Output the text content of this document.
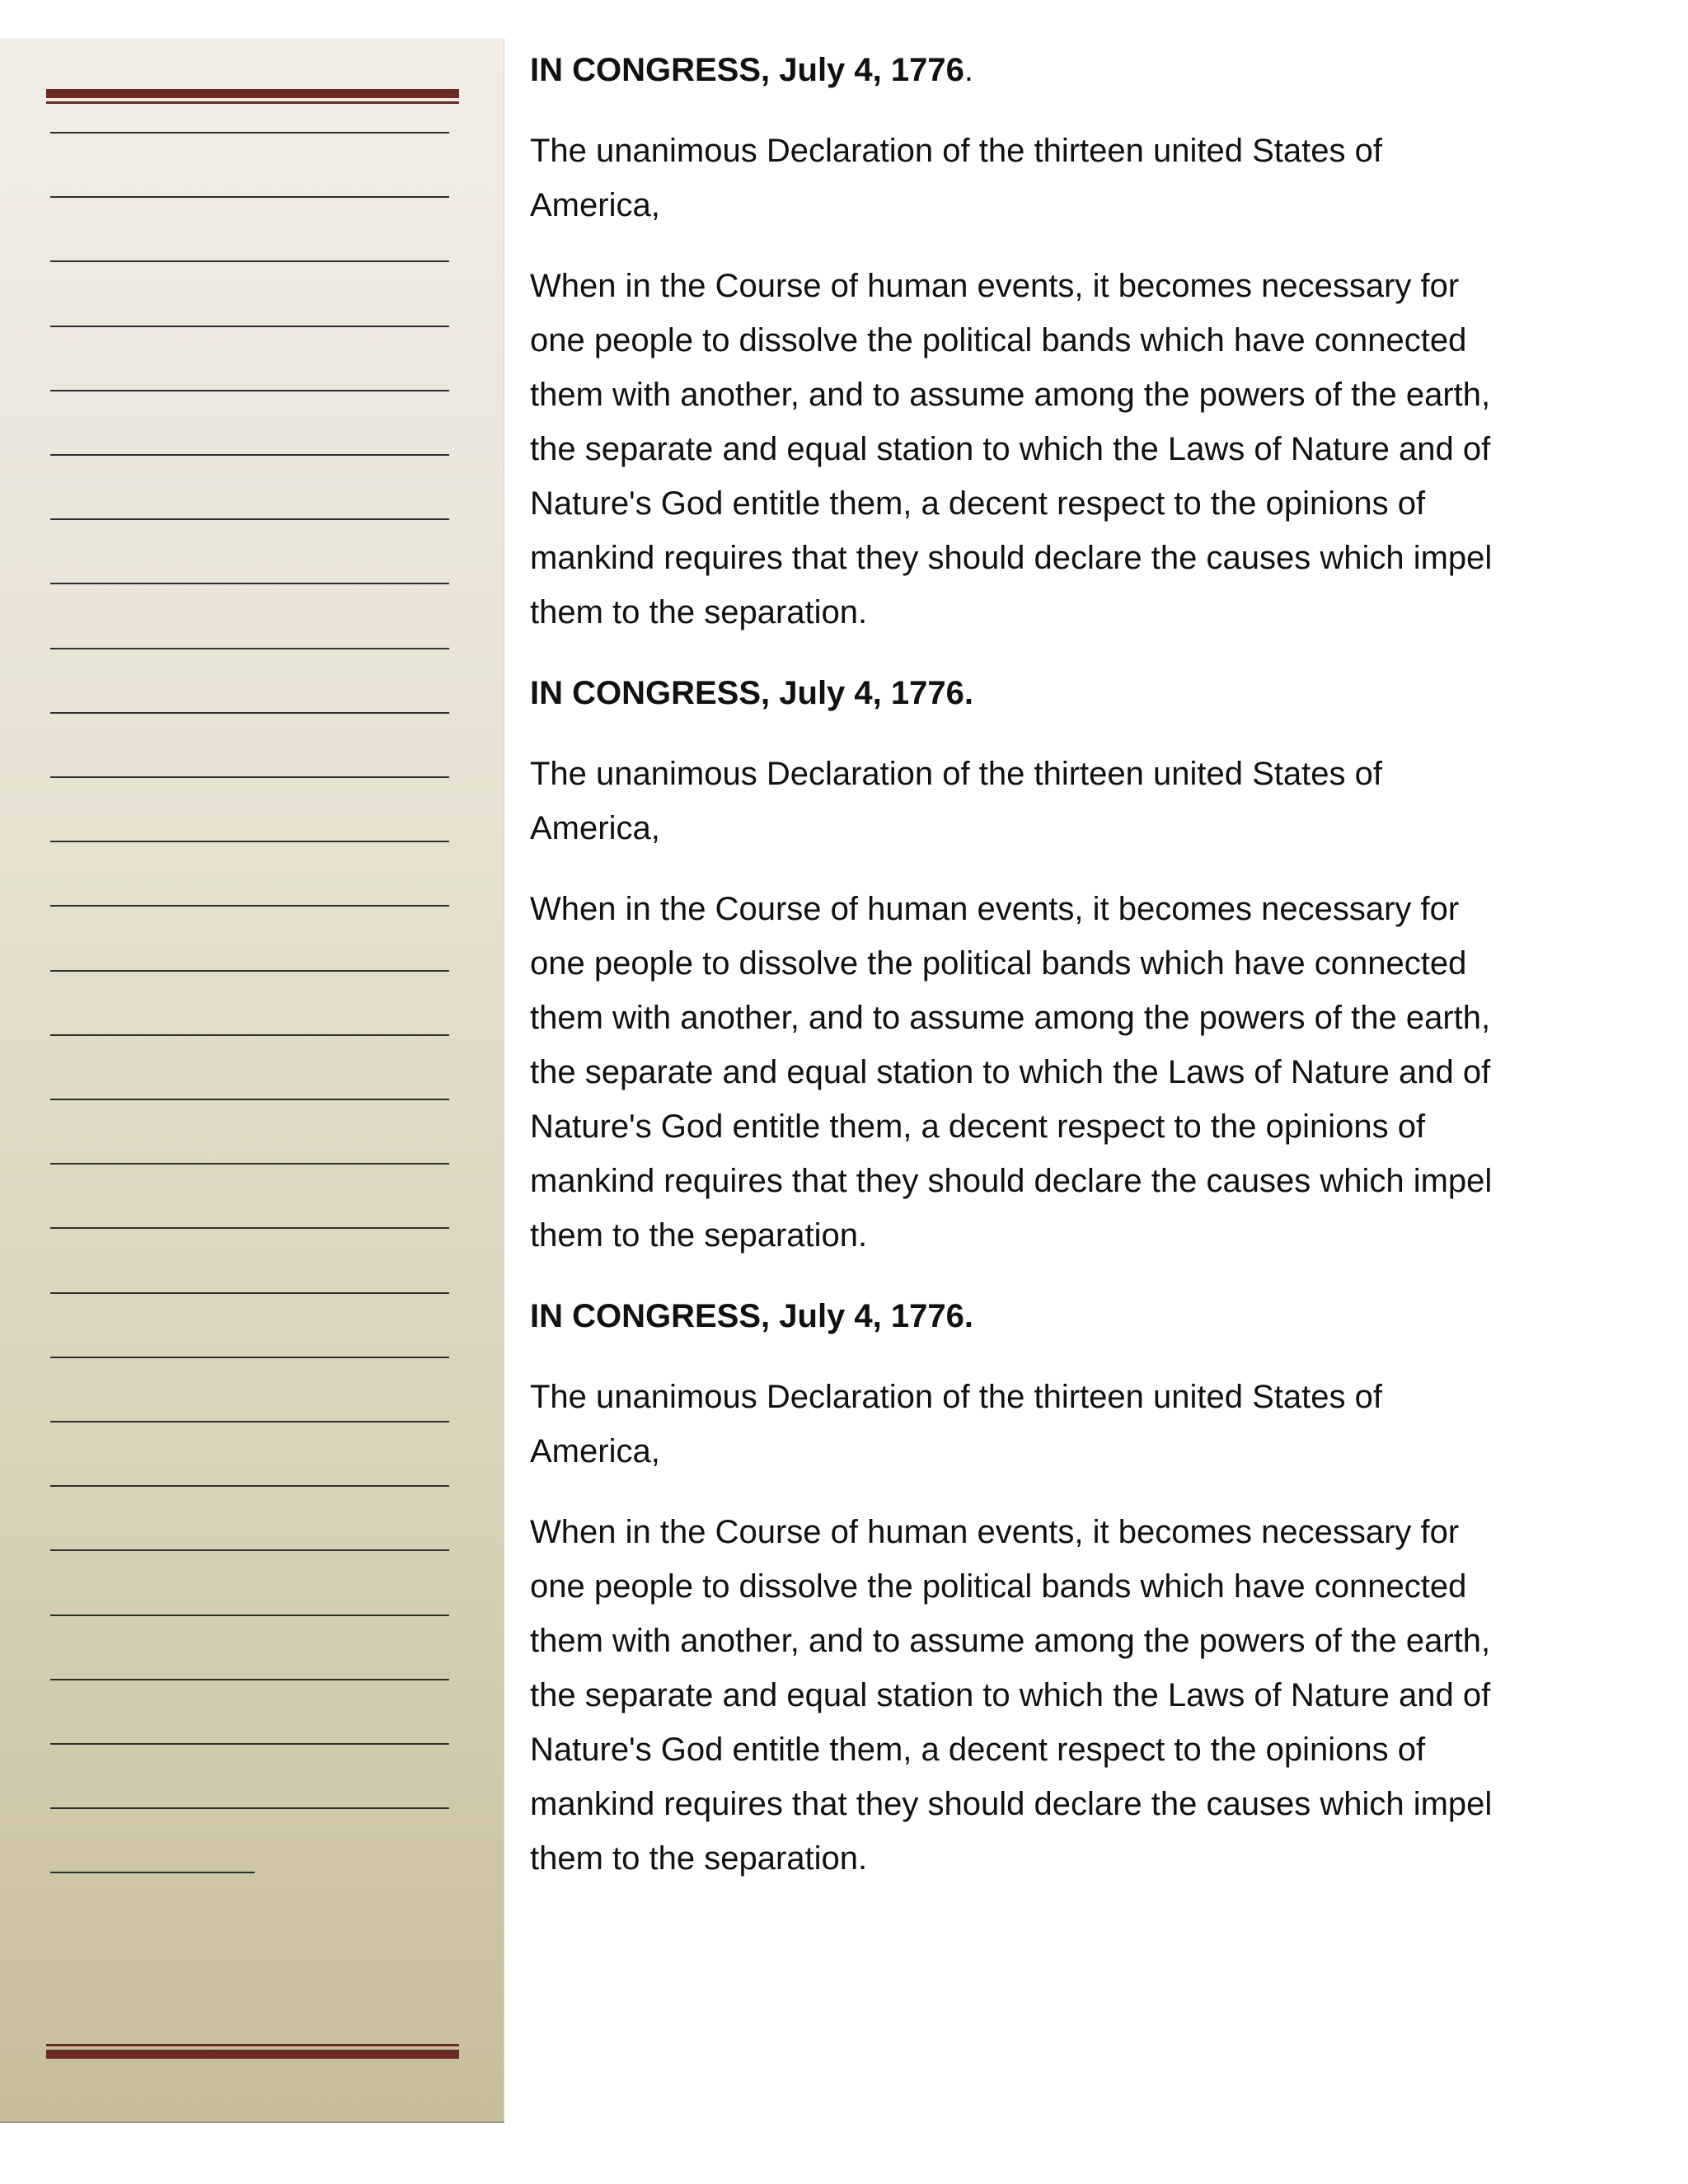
IN CONGRESS, July 4, 1776.

The unanimous Declaration of the thirteen united States of America,

When in the Course of human events, it becomes necessary for one people to dissolve the political bands which have connected them with another, and to assume among the powers of the earth, the separate and equal station to which the Laws of Nature and of Nature's God entitle them, a decent respect to the opinions of mankind requires that they should declare the causes which impel them to the separation.

IN CONGRESS, July 4, 1776.

The unanimous Declaration of the thirteen united States of America,

When in the Course of human events, it becomes necessary for one people to dissolve the political bands which have connected them with another, and to assume among the powers of the earth, the separate and equal station to which the Laws of Nature and of Nature's God entitle them, a decent respect to the opinions of mankind requires that they should declare the causes which impel them to the separation.

IN CONGRESS, July 4, 1776.

The unanimous Declaration of the thirteen united States of America,

When in the Course of human events, it becomes necessary for one people to dissolve the political bands which have connected them with another, and to assume among the powers of the earth, the separate and equal station to which the Laws of Nature and of Nature's God entitle them, a decent respect to the opinions of mankind requires that they should declare the causes which impel them to the separation.
